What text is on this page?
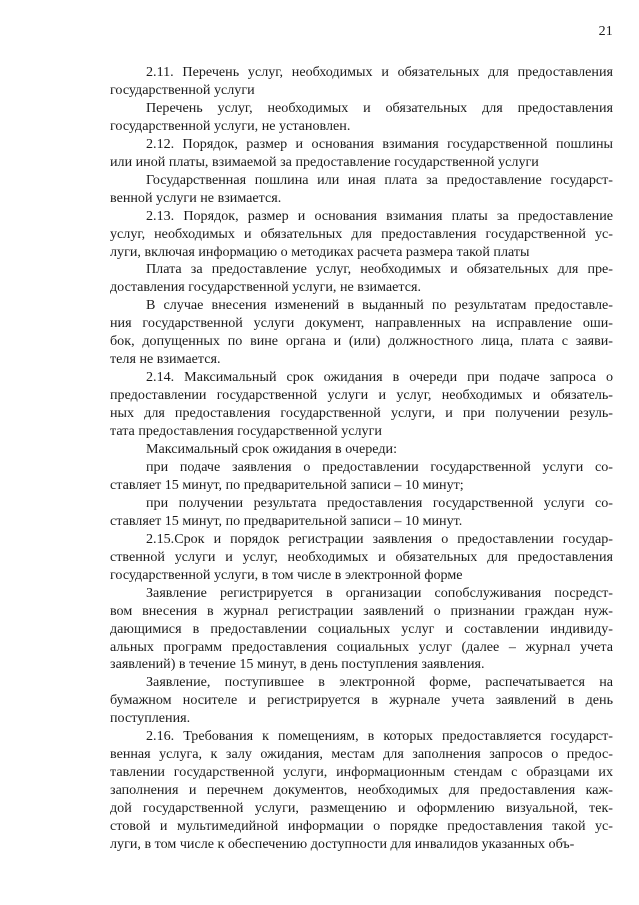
21
2.11. Перечень услуг, необходимых и обязательных для предоставления
государственной услуги
Перечень услуг, необходимых и обязательных для предоставления
государственной услуги, не установлен.
2.12. Порядок, размер и основания взимания государственной пошлины
или иной платы, взимаемой за предоставление государственной услуги
Государственная пошлина или иная плата за предоставление государст-
венной услуги не взимается.
2.13. Порядок, размер и основания взимания платы за предоставление
услуг, необходимых и обязательных для предоставления государственной ус-
луги, включая информацию о методиках расчета размера такой платы
Плата за предоставление услуг, необходимых и обязательных для пре-
доставления государственной услуги, не взимается.
В случае внесения изменений в выданный по результатам предоставле-
ния государственной услуги документ, направленных на исправление оши-
бок, допущенных по вине органа и (или) должностного лица, плата с заяви-
теля не взимается.
2.14. Максимальный срок ожидания в очереди при подаче запроса о
предоставлении государственной услуги и услуг, необходимых и обязатель-
ных для предоставления государственной услуги, и при получении резуль-
тата предоставления государственной услуги
Максимальный срок ожидания в очереди:
при подаче заявления о предоставлении государственной услуги со-
ставляет 15 минут, по предварительной записи – 10 минут;
при получении результата предоставления государственной услуги со-
ставляет 15 минут, по предварительной записи – 10 минут.
2.15.Срок и порядок регистрации заявления о предоставлении государ-
ственной услуги и услуг, необходимых и обязательных для предоставления
государственной услуги, в том числе в электронной форме
Заявление регистрируется в организации сопобслуживания посредст-
вом внесения в журнал регистрации заявлений о признании граждан нуж-
дающимися в предоставлении социальных услуг и составлении индивиду-
альных программ предоставления социальных услуг (далее – журнал учета
заявлений) в течение 15 минут, в день поступления заявления.
Заявление, поступившее в электронной форме, распечатывается на
бумажном носителе и регистрируется в журнале учета заявлений в день
поступления.
2.16. Требования к помещениям, в которых предоставляется государст-
венная услуга, к залу ожидания, местам для заполнения запросов о предос-
тавлении государственной услуги, информационным стендам с образцами их
заполнения и перечнем документов, необходимых для предоставления каж-
дой государственной услуги, размещению и оформлению визуальной, тек-
стовой и мультимедийной информации о порядке предоставления такой ус-
луги, в том числе к обеспечению доступности для инвалидов указанных объ-
